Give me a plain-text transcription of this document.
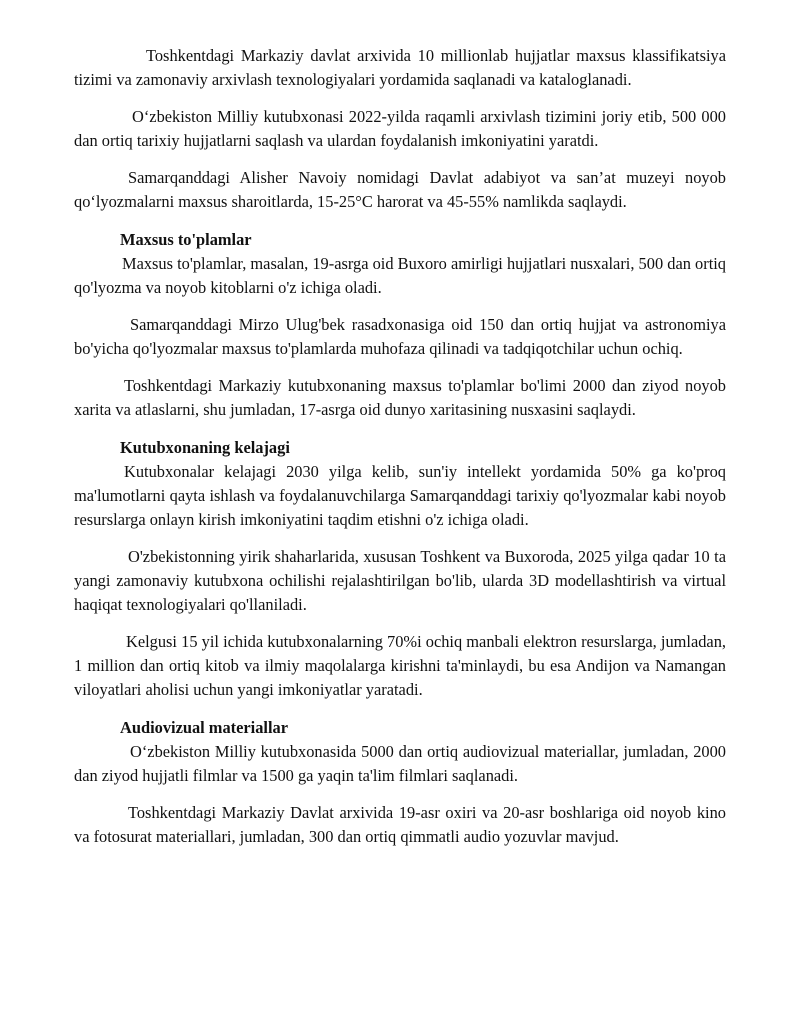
Toshkentdagi Markaziy davlat arxivida 10 millionlab hujjatlar maxsus klassifikatsiya tizimi va zamonaviy arxivlash texnologiyalari yordamida saqlanadi va kataloglanadi.

O‘zbekiston Milliy kutubxonasi 2022-yilda raqamli arxivlash tizimini joriy etib, 500 000 dan ortiq tarixiy hujjatlarni saqlash va ulardan foydalanish imkoniyatini yaratdi.

Samarqanddagi Alisher Navoiy nomidagi Davlat adabiyot va san’at muzeyi noyob qo‘lyozmalarni maxsus sharoitlarda, 15-25°C harorat va 45-55% namlikda saqlaydi.

Maxsus to'plamlar

Maxsus to'plamlar, masalan, 19-asrga oid Buxoro amirligi hujjatlari nusxalari, 500 dan ortiq qo'lyozma va noyob kitoblarni o'z ichiga oladi.

Samarqanddagi Mirzo Ulug'bek rasadxonasiga oid 150 dan ortiq hujjat va astronomiya bo'yicha qo'lyozmalar maxsus to'plamlarda muhofaza qilinadi va tadqiqotchilar uchun ochiq.

Toshkentdagi Markaziy kutubxonaning maxsus to'plamlar bo'limi 2000 dan ziyod noyob xarita va atlaslarni, shu jumladan, 17-asrga oid dunyo xaritasining nusxasini saqlaydi.

Kutubxonaning kelajagi

Kutubxonalar kelajagi 2030 yilga kelib, sun'iy intellekt yordamida 50% ga ko'proq ma'lumotlarni qayta ishlash va foydalanuvchilarga Samarqanddagi tarixiy qo'lyozmalar kabi noyob resurslarga onlayn kirish imkoniyatini taqdim etishni o'z ichiga oladi.

O'zbekistonning yirik shaharlarida, xususan Toshkent va Buxoroda, 2025 yilga qadar 10 ta yangi zamonaviy kutubxona ochilishi rejalashtirilgan bo'lib, ularda 3D modellashtirish va virtual haqiqat texnologiyalari qo'llaniladi.

Kelgusi 15 yil ichida kutubxonalarning 70%i ochiq manbali elektron resurslarga, jumladan, 1 million dan ortiq kitob va ilmiy maqolalarga kirishni ta'minlaydi, bu esa Andijon va Namangan viloyatlari aholisi uchun yangi imkoniyatlar yaratadi.

Audiovizual materiallar

O‘zbekiston Milliy kutubxonasida 5000 dan ortiq audiovizual materiallar, jumladan, 2000 dan ziyod hujjatli filmlar va 1500 ga yaqin ta'lim filmlari saqlanadi.

Toshkentdagi Markaziy Davlat arxivida 19-asr oxiri va 20-asr boshlariga oid noyob kino va fotosurat materiallari, jumladan, 300 dan ortiq qimmatli audio yozuvlar mavjud.
